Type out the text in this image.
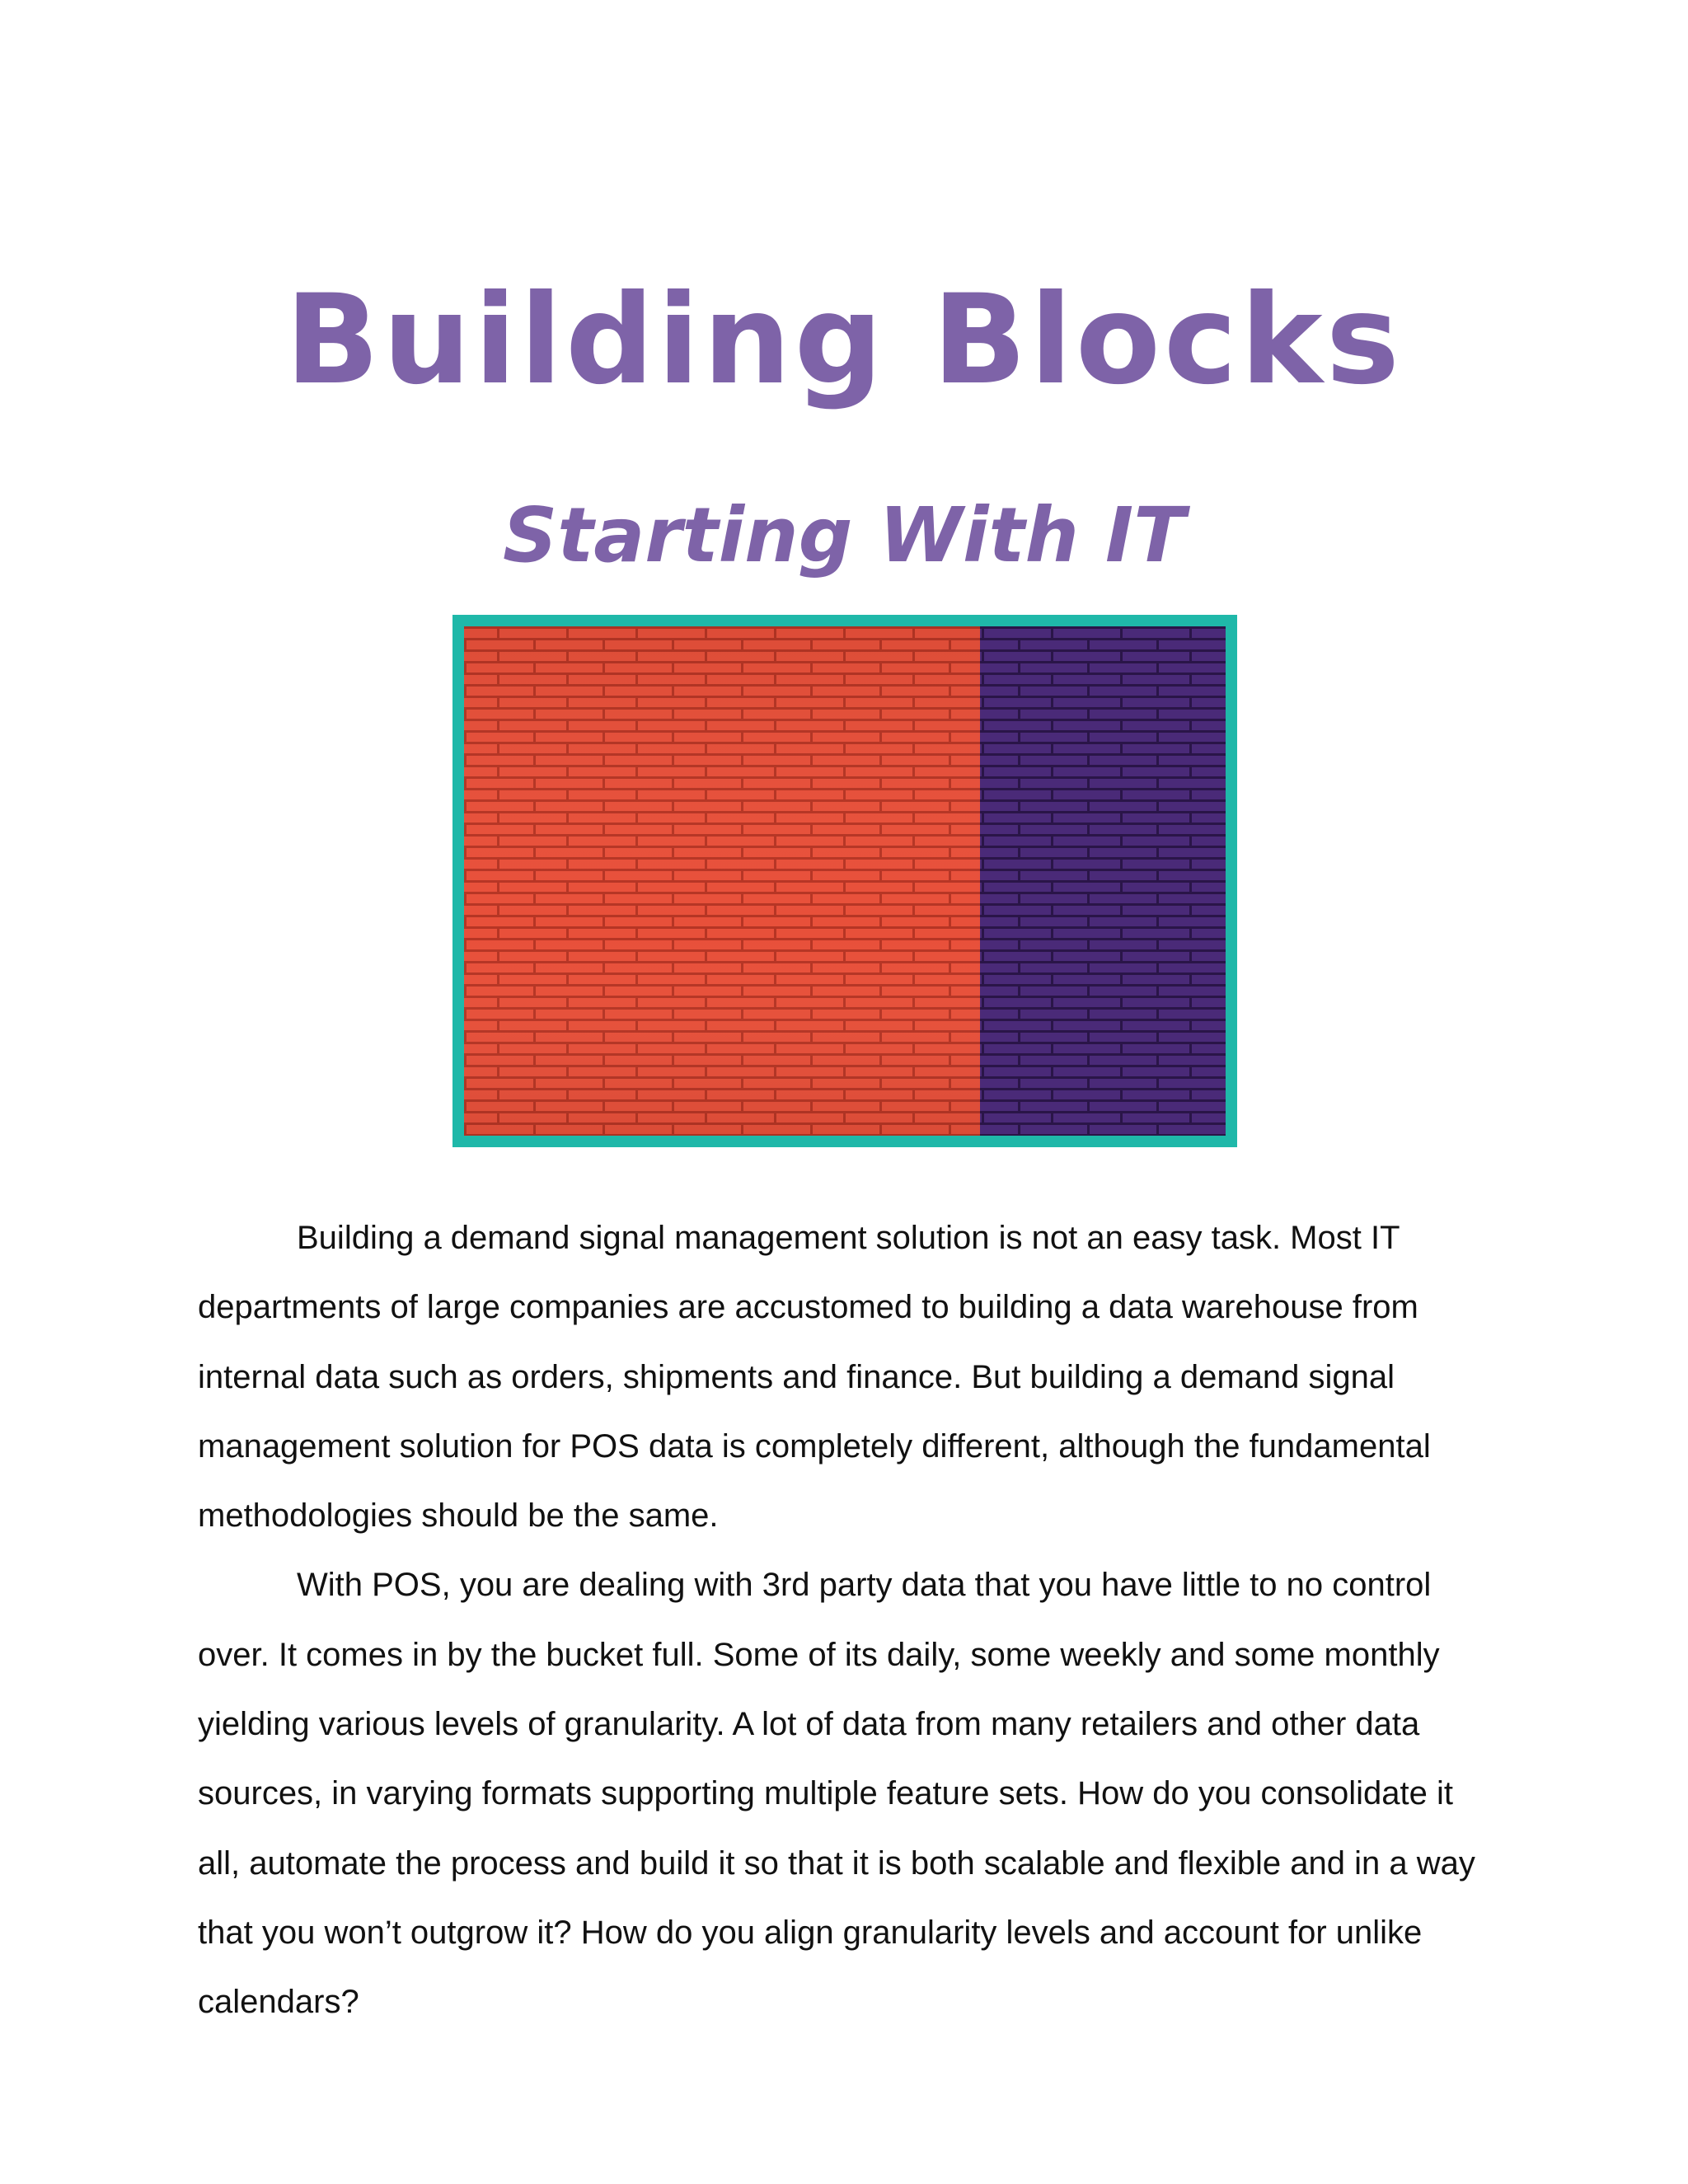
Building Blocks
Starting With IT

Building a demand signal management solution is not an easy task. Most IT departments of large companies are accustomed to building a data warehouse from internal data such as orders, shipments and finance. But building a demand signal management solution for POS data is completely different, although the fundamental methodologies should be the same.

With POS, you are dealing with 3rd party data that you have little to no control over. It comes in by the bucket full. Some of its daily, some weekly and some monthly yielding various levels of granularity. A lot of data from many retailers and other data sources, in varying formats supporting multiple feature sets. How do you consolidate it all, automate the process and build it so that it is both scalable and flexible and in a way that you won’t outgrow it? How do you align granularity levels and account for unlike calendars?
